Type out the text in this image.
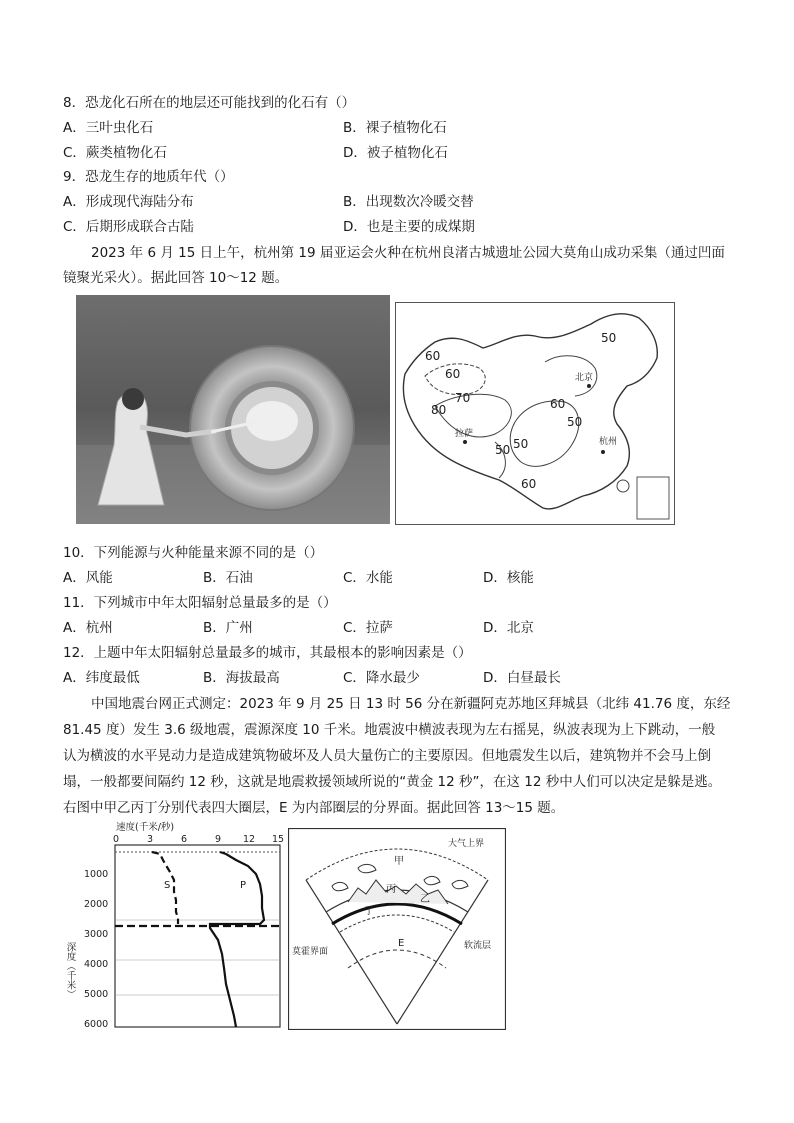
8．恐龙化石所在的地层还可能找到的化石有（）
A．三叶虫化石	B．裸子植物化石
C．蕨类植物化石	D．被子植物化石
9．恐龙生存的地质年代（）
A．形成现代海陆分布	B．出现数次冷暖交替
C．后期形成联合古陆	D．也是主要的成煤期
2023 年 6 月 15 日上午，杭州第 19 届亚运会火种在杭州良渚古城遗址公园大莫角山成功采集（通过凹面
镜聚光采火）。据此回答 10～12 题。
60
60
70
80	60
50
50
60
50 50
北京
拉萨
杭州
10．下列能源与火种能量来源不同的是（）
A．风能	B．石油	C．水能	D．核能
11．下列城市中年太阳辐射总量最多的是（）
A．杭州	B．广州	C．拉萨	D．北京
12．上题中年太阳辐射总量最多的城市，其最根本的影响因素是（）
A．纬度最低	B．海拔最高	C．降水最少	D．白昼最长
中国地震台网正式测定：2023 年 9 月 25 日 13 时 56 分在新疆阿克苏地区拜城县（北纬 41.76 度，东经
81.45 度）发生 3.6 级地震，震源深度 10 千米。地震波中横波表现为左右摇晃，纵波表现为上下跳动，一般
认为横波的水平晃动力是造成建筑物破坏及人员大量伤亡的主要原因。但地震发生以后，建筑物并不会马上倒
塌，一般都要间隔约 12 秒，这就是地震救援领域所说的“黄金 12 秒”，在这 12 秒中人们可以决定是躲是逃。
右图中甲乙丙丁分别代表四大圈层，E 为内部圈层的分界面。据此回答 13～15 题。
速度(千米/秒)
0	3	6	9 12 15
1000
2000
3000
4000
5000
6000
深度（千米）
S	P
甲
乙
丙
丁
E
大气上界
莫霍界面
软流层
